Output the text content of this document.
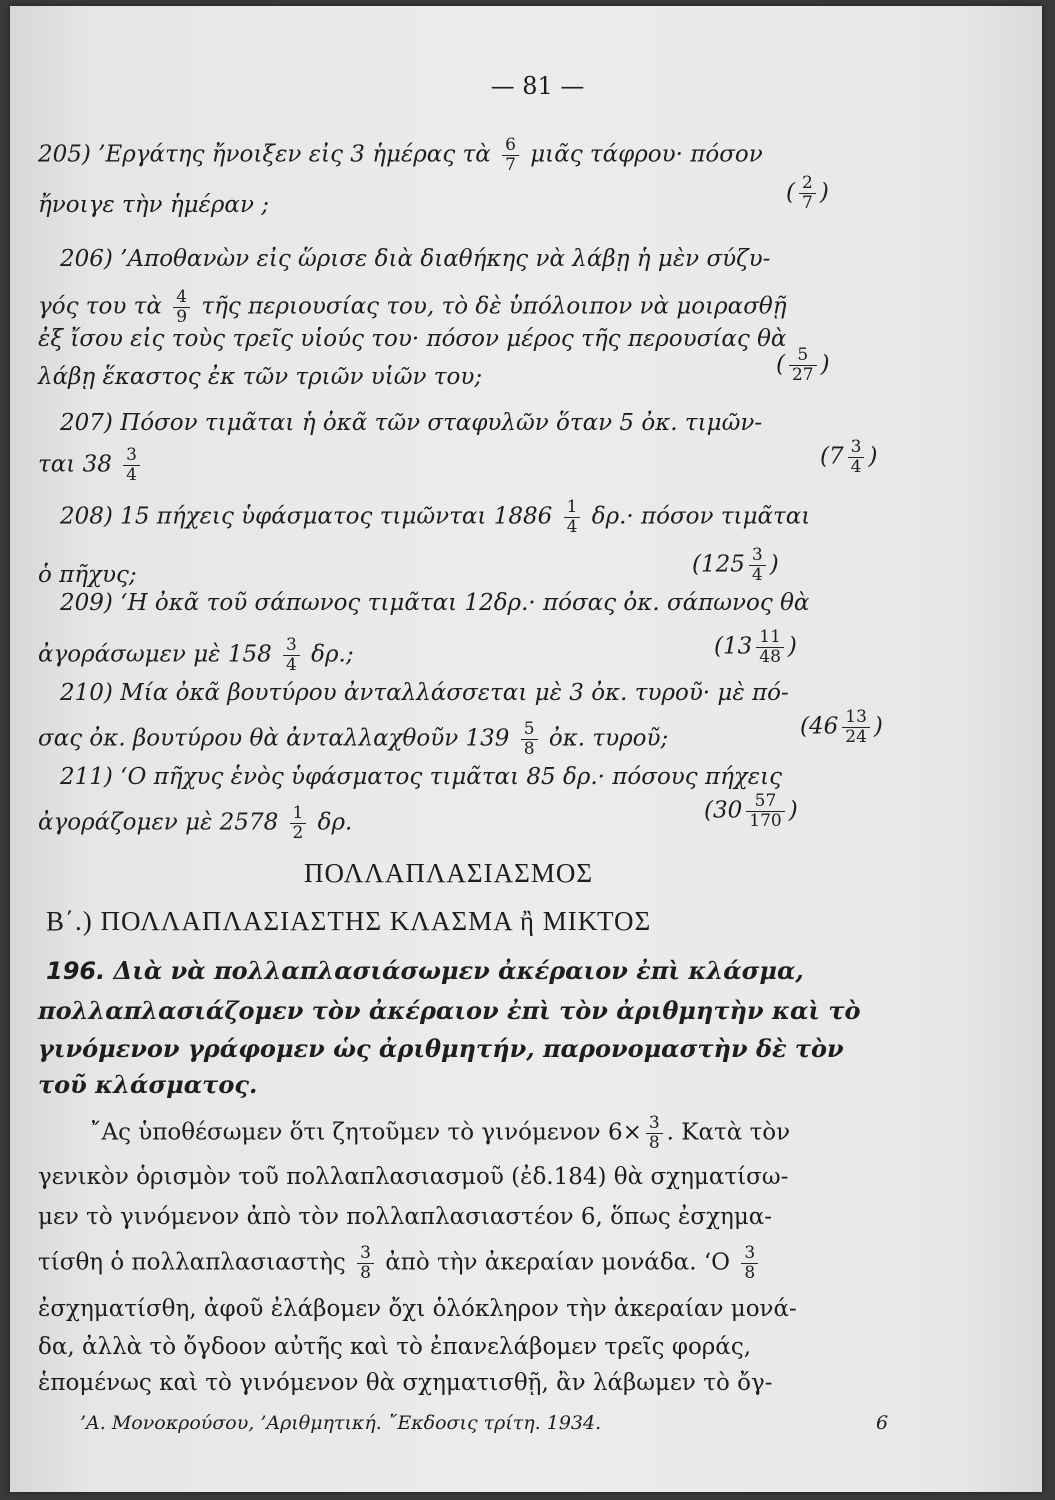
— 81 —
205) ’Εργάτης ἤνοιξεν εἰς 3 ἡμέρας τὰ $\frac{6}{7}$ μιᾶς τάφρου· πόσον
ἤνοιγε τὴν ἡμέραν ;	( $\frac{2}{7}$ )
206) ’Αποθανὼν εἰς ὥρισε διὰ διαθήκης νὰ λάβῃ ἡ μὲν σύζυ-
γός του τὰ $\frac{4}{9}$ τῆς περιουσίας του, τὸ δὲ ὑπόλοιπον νὰ μοιρασθῇ
ἐξ ἴσου εἰς τοὺς τρεῖς υἱούς του· πόσον μέρος τῆς περουσίας θὰ
λάβῃ ἕκαστος ἐκ τῶν τριῶν υἱῶν του;	( $\frac{5}{27}$ )
207) Πόσον τιμᾶται ἡ ὀκᾶ τῶν σταφυλῶν ὅταν 5 ὀκ. τιμῶν-
ται $38 \frac{3}{4}$	($7 \frac{3}{4}$ )
208) 15 πήχεις ὑφάσματος τιμῶνται $1886 \frac{1}{4} \delta\rho.\cdot \pi ό\sigma o\nu$ τιμᾶται
ὁ πῆχυς;	($125 \frac{3}{4}$ )
209) ‘Η ὀκᾶ τοῦ σάπωνος τιμᾶται 12δρ.· πόσας ὀκ. σάπωνος θὰ
ἀγοράσωμεν μὲ $158 \frac{3}{4} \delta\rho$.;	($13 \frac{11}{48}$ )
210) Μία ὀκᾶ βουτύρου ἀνταλλάσσεται μὲ 3 ὀκ. τυροῦ· μὲ πό-
σας ὀκ. βουτύρου θὰ ἀνταλλαχθοῦν $139 \frac{5}{8}$ ὀκ. τυροῦ;	($46 \frac{13}{24}$ )
211) ‘Ο πῆχυς ἑνὸς ὑφάσματος τιμᾶται 85 δρ.· πόσους πήχεις
ἀγοράζομεν μὲ $2578 \frac{1}{2} \delta\rho$.	($30 \frac{57}{170}$ )
ΠΟΛΛΑΠΛΑΣΙΑΣΜΟΣ
Β΄.) ΠΟΛΛΑΠΛΑΣΙΑΣΤΗΣ ΚΛΑΣΜΑ ἢ ΜΙΚΤΟΣ
196. Διὰ νὰ πολλαπλασιάσωμεν ἀκέραιον ἐπὶ κλάσμα,
πολλαπλασιάζομεν τὸν ἀκέραιον ἐπὶ τὸν ἀριθμητὴν καὶ τὸ
γινόμενον γράφομεν ὡς ἀριθμητήν, παρονομαστὴν δὲ τὸν
τοῦ κλάσματος.
῎Ας ὑποθέσωμεν ὅτι ζητοῦμεν τὸ γινόμενον $6\times \frac{3}{8}$ . Κατὰ τὸν
γενικὸν ὁρισμὸν τοῦ πολλαπλασιασμοῦ (ἐδ.184) θὰ σχηματίσω-
μεν τὸ γινόμενον ἀπὸ τὸν πολλαπλασιαστέον 6, ὅπως ἐσχημα-
τίσθη ὁ πολλαπλασιαστὴς $\frac{3}{8}$ ἀπὸ τὴν ἀκεραίαν μονάδα. ‘$O \frac{3}{8}$
ἐσχηματίσθη, ἀφοῦ ἐλάβομεν ὄχι ὁλόκληρον τὴν ἀκεραίαν μονά-
δα, ἀλλὰ τὸ ὄγδοον αὐτῆς καὶ τὸ ἐπανελάβομεν τρεῖς φοράς,
ἑπομένως καὶ τὸ γινόμενον θὰ σχηματισθῇ, ἂν λάβωμεν τὸ ὄγ-
’Α. Μονοκρούσου, ’Αριθμητική. ῎Εκδοσις τρίτη. 1934.	6
